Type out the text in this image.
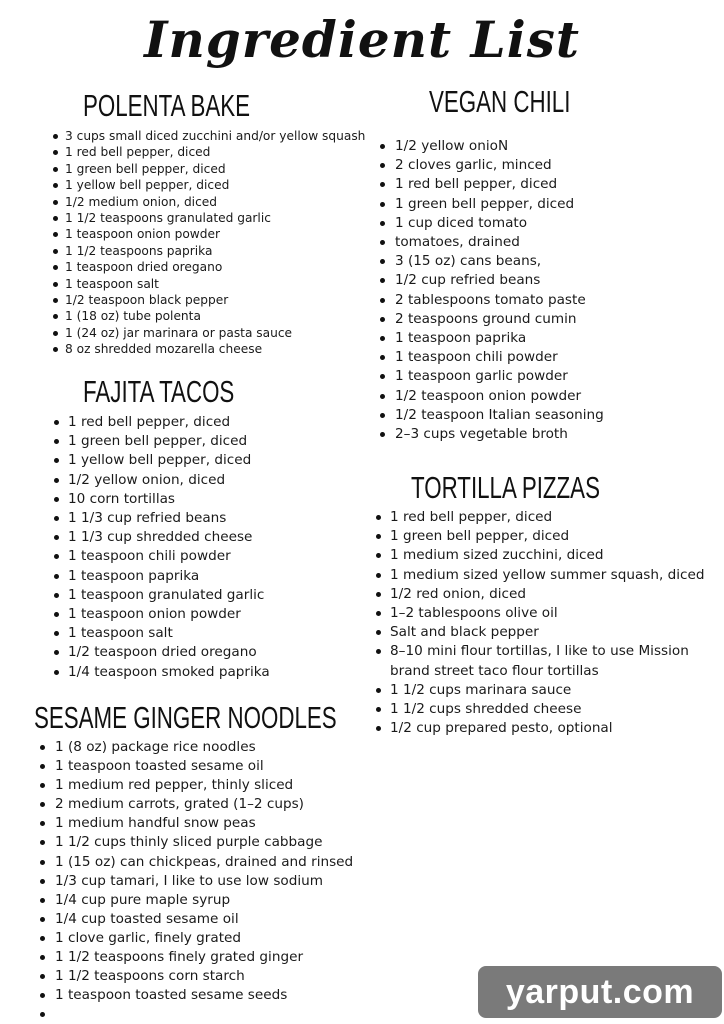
Ingredient List
POLENTA BAKE
3 cups small diced zucchini and/or yellow squash
1 red bell pepper, diced
1 green bell pepper, diced
1 yellow bell pepper, diced
1/2 medium onion, diced
1 1/2 teaspoons granulated garlic
1 teaspoon onion powder
1 1/2 teaspoons paprika
1 teaspoon dried oregano
1 teaspoon salt
1/2 teaspoon black pepper
1 (18 oz) tube polenta
1 (24 oz) jar marinara or pasta sauce
8 oz shredded mozarella cheese
VEGAN CHILI
1/2 yellow onioN
2 cloves garlic, minced
1 red bell pepper, diced
1 green bell pepper, diced
1 cup diced tomato
tomatoes, drained
3 (15 oz) cans beans,
1/2 cup refried beans
2 tablespoons tomato paste
2 teaspoons ground cumin
1 teaspoon paprika
1 teaspoon chili powder
1 teaspoon garlic powder
1/2 teaspoon onion powder
1/2 teaspoon Italian seasoning
2–3 cups vegetable broth
FAJITA TACOS
1 red bell pepper, diced
1 green bell pepper, diced
1 yellow bell pepper, diced
1/2 yellow onion, diced
10 corn tortillas
1 1/3 cup refried beans
1 1/3 cup shredded cheese
1 teaspoon chili powder
1 teaspoon paprika
1 teaspoon granulated garlic
1 teaspoon onion powder
1 teaspoon salt
1/2 teaspoon dried oregano
1/4 teaspoon smoked paprika
TORTILLA PIZZAS
1 red bell pepper, diced
1 green bell pepper, diced
1 medium sized zucchini, diced
1 medium sized yellow summer squash, diced
1/2 red onion, diced
1–2 tablespoons olive oil
Salt and black pepper
8–10 mini flour tortillas, I like to use Mission brand street taco flour tortillas
1 1/2 cups marinara sauce
1 1/2 cups shredded cheese
1/2 cup prepared pesto, optional
SESAME GINGER NOODLES
1 (8 oz) package rice noodles
1 teaspoon toasted sesame oil
1 medium red pepper, thinly sliced
2 medium carrots, grated (1–2 cups)
1 medium handful snow peas
1 1/2 cups thinly sliced purple cabbage
1 (15 oz) can chickpeas, drained and rinsed
1/3 cup tamari, I like to use low sodium
1/4 cup pure maple syrup
1/4 cup toasted sesame oil
1 clove garlic, finely grated
1 1/2 teaspoons finely grated ginger
1 1/2 teaspoons corn starch
1 teaspoon toasted sesame seeds	yarput.com
